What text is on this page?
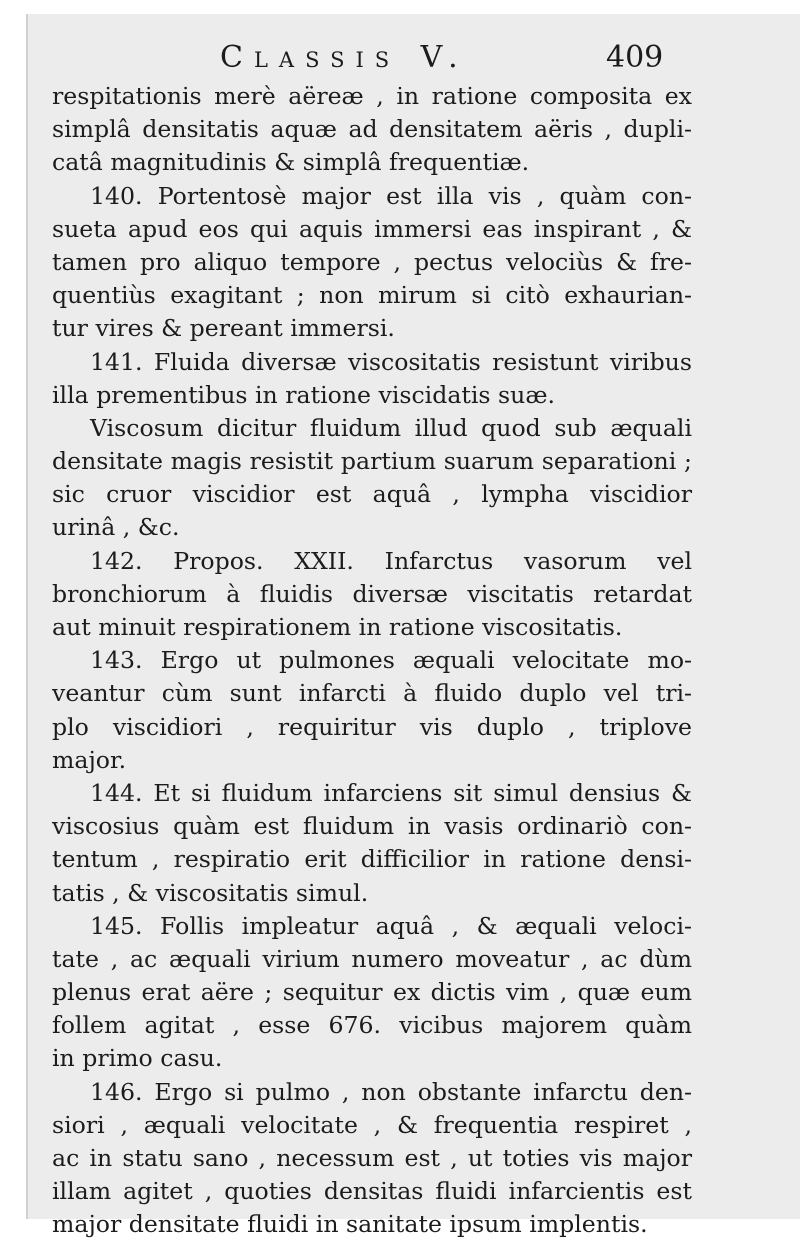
Classis V.	409
respitationis merè aëreæ , in ratione composita ex
simplâ densitatis aquæ ad densitatem aëris , dupli-
catâ magnitudinis & simplâ frequentiæ.
140. Portentosè major est illa vis , quàm con-
sueta apud eos qui aquis immersi eas inspirant , &
tamen pro aliquo tempore , pectus velociùs & fre-
quentiùs exagitant ; non mirum si citò exhaurian-
tur vires & pereant immersi.
141. Fluida diversæ viscositatis resistunt viribus
illa prementibus in ratione viscidatis suæ.
Viscosum dicitur fluidum illud quod sub æquali
densitate magis resistit partium suarum separationi ;
sic cruor viscidior est aquâ , lympha viscidior
urinâ , &c.
142. Propos. XXII. Infarctus vasorum vel
bronchiorum à fluidis diversæ viscitatis retardat
aut minuit respirationem in ratione viscositatis.
143. Ergo ut pulmones æquali velocitate mo-
veantur cùm sunt infarcti à fluido duplo vel tri-
plo viscidiori , requiritur vis duplo , triplove
major.
144. Et si fluidum infarciens sit simul densius &
viscosius quàm est fluidum in vasis ordinariò con-
tentum , respiratio erit difficilior in ratione densi-
tatis , & viscositatis simul.
145. Follis impleatur aquâ , & æquali veloci-
tate , ac æquali virium numero moveatur , ac dùm
plenus erat aëre ; sequitur ex dictis vim , quæ eum
follem agitat , esse 676. vicibus majorem quàm
in primo casu.
146. Ergo si pulmo , non obstante infarctu den-
siori , æquali velocitate , & frequentia respiret ,
ac in statu sano , necessum est , ut toties vis major
illam agitet , quoties densitas fluidi infarcientis est
major densitate fluidi in sanitate ipsum implentis.
